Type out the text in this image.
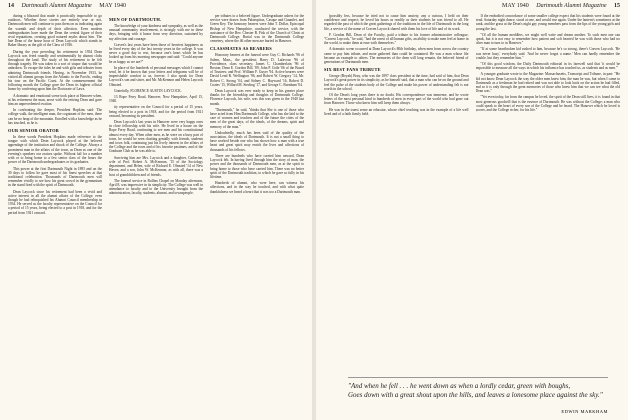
14 Dartmouth Alumni Magazine MAY 1940

during a blizzard that made it practically impossible to go outdoors. Whether these stories are entirely true or not, Dartmouth men will continue to pass them on as indicating again the warmth and depth of their affection. Even modern undergraduates have made the Dean the central figure of their rival reputations, creating good natured myths about him. The late Dean of the house hour of Dean Laycock which stands in Baker library as the gift of the Class of 1936.

During the year preceding his retirement in 1934 Dean Laycock was feted roundly and sentimentally by alumni clubs throughout the land. The study of his retirement to be felt through tragedy. He was taken to a sort of stupor that would be unbroken. To escape the tides he and with gifts and tributes from admiring Dartmouth friends. Having, in November 1933, he visited all alumni groups from the Atlantic to the Pacific, ending his tour on the Pacific Coast. At the commencement the following month the College gave the Dean its highest official honor by conferring upon him the Doctorate of Laws.

A dramatic and emotional scene took place at Hanover when, at his retirement the man, arose with the retiring Dean and gave him an unprecedented ovation.

In confronting the deeper, President Hopkins said: The college walk, the intelligent man, the cognizant of the men, there can be no heap of the mountain. Enrolled with a knowledge as he has touched, as he is.

OUR SENIOR ORATOR

In these words President Hopkins made reference to the tongue with which Dean Laycock played at the beloved appendage of the institution and shook of the College. Always a prominent man in the affairs of the town, as Dean as one of the evening's speakers our orators spoke. Without fail for a number with or to bring home to a few senior class of the hours the power of the Dartmouth undergraduates or its graduates.

This power at the first Dartmouth Night in 1895 and on the 30 days to follow he gave most of his finest speeches at that traditional celebration. Thousands of Dartmouth men will remember vividly to see how his great crowd in the gymnasium in the stand fired with the spirit of Dartmouth.

Dean Laycock since his retirement had been a vivid and active interest in all the alumni affairs of the College, even though he had relinquished his Alumni Council membership in 1934. He served as the faculty representative on the Council for a period of 15 years, being elected to a post in 1918, and for the period from 1921 onward.

MEN OF DARTMOUTH.

The knowledge of your kindness and sympathy, as well as the unusual community involvement, is strongly with me in these days, bringing with it honor from very direction, sustained by my affection and courage.

Craven's last years have been those of heaviest happiness as he lived every day of the last twenty years in the college. It was never a good day to rest, because one's heart which he has looked up from his morning newspaper and said: "Could anyone be as happy as we are?"

In place of the hundreds of personal messages which I cannot send, let it be known that your letters and telegrams will be of imperishable comfort to us, forever. I also speak for Dean Laycock's son and sister, and Mr. McKennon and Helen Laycock Olmsted.

Gratefully, FLORENCE AUSTIN LAYCOCK.

13 Rope Ferry Road, Hanover, New Hampshire, April 15, 1940.

ity representative on the Council for a period of 15 years, being elected to a post in 1918, and for the period from 1921 onward, becoming its president.

Dean Laycock's last years in Hanover were very happy ones in close fellowship with his wife. He lived in a house on the Rope Ferry Road, continuing to see men and his constitutional almost every day. When other men, as he were on a busy part of town, he would be seen chatting genially with friends, students and town folk, continuing just his lively interest in the affairs of the College and the town and of his favorite pastimes, and of the Graduate Club as he was able to.

Surviving him are Mrs. Laycock and a daughter, Catherine, wife of Prof. Robert A. McKennon, '15 of the Sociology department, and Helen, wife of Richard E. Olmsted '14 of New Haven, and a son, John W. McKennon, as with all, there was a host of grandchildren and of friends.

The funeral service in Rollins Chapel on Monday afternoon, April 8, was impressive in its simplicity. The College was well in attendance to faculty and to the University brought from the administration, faculty, students, alumni, and townspeople.

per tributes to a beloved figure. Undergraduate ushers for the service were drawn from Palaeopitus, Casque and Gauntlet, and Green Key. The honorary bearers were John T. Dollar, Episcopal Bishop of New Hampshire, conducted the service, with the assistance of the Rev. Chester B. Fisk of the Church of Christ at Dartmouth College. Burial was in the Dartmouth College cemetery, where the 46 other men are buried in Hanover.

CLASSMATES AS BEARERS

Honorary bearers at the funeral were Guy C. Richards '96 of Salem, Mass., the president; Harry D. Lafavour '96 of Providence, class secretary; James C. Chamberlain '96 of Boston; Dean E. Gordon Bill, '89, John P. Grile '06 of the Board of Trustees; and Prof. William F. Guyer '94. Active bearers were David Lend R. Wellington '96, and Robert W. Gregory '14, Mr. Robert C. Strong '04, and Sidney C. Hayward '16, Robert D. Coates '15, Willard M. Sterling '17, and George C. Burnham '04.

Dean Laycock was ever ready to keep in his greater place thanks for the friendship and thoughts of Dartmouth College. Florence Laycock, his wife, was this was given to the 1940 last month.

"Dartmouth," he said, "thinks that She is one of those who have acted from Him Dartmouth College, who has she laid to the care of women and teachers and of the future the cities of the men of the great days, of the ideals, of the dreams, spirit and memory of the man."

Undoubtedly, much has been said of the quality of the association, the ideals of Dartmouth. It is not a small thing to have worked beside one who has shown how a man with a true heart and great spirit may enrich the lives and affections of thousands of his fellows.

There are hundreds who have carried him onward, Dean Laycock felt. In having lived through him the story of man, the power and the thousands of Dartmouth men, as at the spirit to bring home to those who have carried him. There was no better spirit of the Dartmouth tradition, to which he gave so fully in his lifetime.

Hundreds of alumni, who were here, can witness his affections, and in the way he touched, and with what quite thankfulness we heard a heart that it was too a Dartmouth man.

MAY 1940 Dartmouth Alumni Magazine 15

(possibly less, because he tried not to cause him anxiety, any a curious, I held on their confidence and respect; he loved his hours as readily as their students he was friend to all. He regarded the past of which the great gatherings of the traditions in the life of Dartmouth in the long life, a service of the name of Craven Laycock shared with them his love of life and of its work.

F. Gordon Bill, Dean of the Faculty, paid a tribute to his former administrative colleague, "Craven Laycock," he said, "had the rarest of all human gifts, an ability to make men feel at home in the world, to make them at ease with themselves."

A dramatic scene occurred at Dean Laycock's 80th birthday, when men from across the country came to pay him tribute, and more gathered than could be contained. He was a man whose life became an example to others. The memories of the dean will long remain, the beloved friend of generations of Dartmouth men.

SIX BEST FANS TRIBUTE

George (Beyah) Bray, who was the 1897 class president at the time, had said of him, that Dean Laycock's great power in its simplicity, as he himself said, that a man who can be on the ground and feel the pulse of the students body of the College and make his power of understanding felt is not worth in the school.

Of the Dean's long years there is no doubt. His correspondence was immense, and he wrote letters of the most personal kind to hundreds of men in every part of the world who had gone out from Hanover. Those who knew him will keep them always.

He was in the truest sense an educator, whose chief teaching was in the example of a life well lived and of a faith firmly held.

If the embodied concordance of some smaller college expect that his students were found at the head. Saturday night dance, stood at one, and would rise again. Under the lantern's sometimes at the bank, and the grass at the Dean's night gay young members pass from the lips of the young girls and young the last.

"Of all the human meddlers, we might well write and dream another. To such men one can speak, but it is not easy to remember how patient and soft hearted he was with those who had no other man to turn to in Hanover."

"If at some heartbroken kid rushed to him, because he's so strong, there's Craven Laycock. 'He was never busy,' everybody said. 'And he never forgot a name.' Men can hardly remember the trouble, but they remember him."

"Of this good wisdom, the Daily Dartmouth editorial in its farewell said that 'it would be impossible to measure all the ways in which his influence has touched us, as students and as men.'"

A younger graduate wrote to the Magazine: Massachusetts, Transcript and Tribune, in part: "He did not know Dean Laycock the way the older men knew him, the man he was, but when I came to Dartmouth as a freshman he had retired and was not able to look back on the action he had filled, and so it is only through the great memories of those who knew him that we can see what the old Dean was."

"Yet even today, far from the campus he loved, the spirit of the Dean still lives, it is found in that most generous goodwill that is the essence of Dartmouth. He was without the College; a man who could speak to the heart of every son of the College and be heard. The Hanover which he loved is poorer, and the College richer, for his life."

"And when he fell . . . he went down as when a lordly cedar, green with boughs,

Goes down with a great shout upon the hills, and leaves a lonesome place against the sky."

EDWIN MARKHAM
